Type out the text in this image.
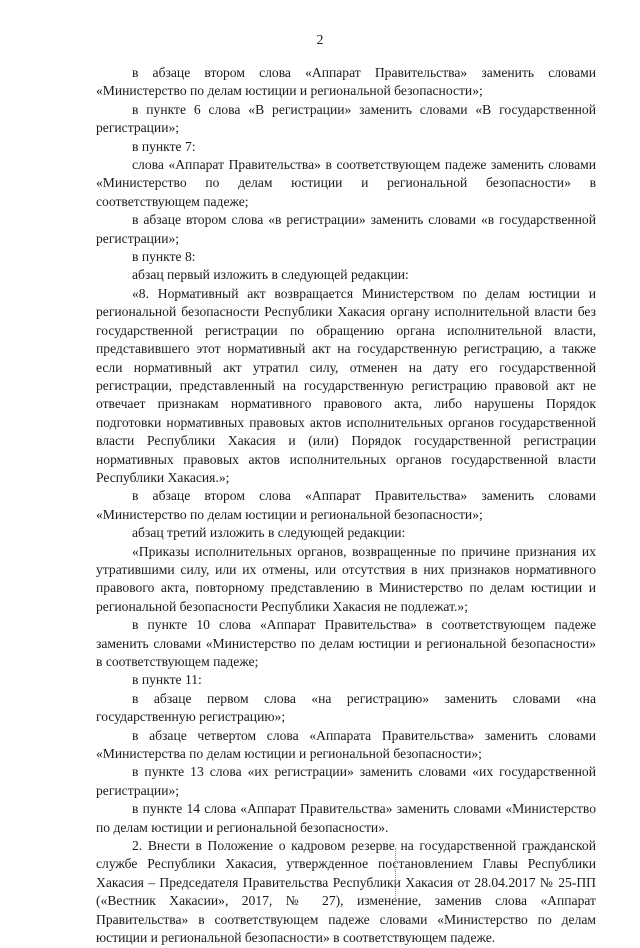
2

в абзаце втором слова «Аппарат Правительства» заменить словами «Министерство по делам юстиции и региональной безопасности»;

в пункте 6 слова «В регистрации» заменить словами «В государственной регистрации»;

в пункте 7:

слова «Аппарат Правительства» в соответствующем падеже заменить словами «Министерство по делам юстиции и региональной безопасности» в соответствующем падеже;

в абзаце втором слова «в регистрации» заменить словами «в государственной регистрации»;

в пункте 8:

абзац первый изложить в следующей редакции:

«8. Нормативный акт возвращается Министерством по делам юстиции и региональной безопасности Республики Хакасия органу исполнительной власти без государственной регистрации по обращению органа исполнительной власти, представившего этот нормативный акт на государственную регистрацию, а также если нормативный акт утратил силу, отменен на дату его государственной регистрации, представленный на государственную регистрацию правовой акт не отвечает признакам нормативного правового акта, либо нарушены Порядок подготовки нормативных правовых актов исполнительных органов государственной власти Республики Хакасия и (или) Порядок государственной регистрации нормативных правовых актов исполнительных органов государственной власти Республики Хакасия.»;

в абзаце втором слова «Аппарат Правительства» заменить словами «Министерство по делам юстиции и региональной безопасности»;

абзац третий изложить в следующей редакции:

«Приказы исполнительных органов, возвращенные по причине признания их утратившими силу, или их отмены, или отсутствия в них признаков нормативного правового акта, повторному представлению в Министерство по делам юстиции и региональной безопасности Республики Хакасия не подлежат.»;

в пункте 10 слова «Аппарат Правительства» в соответствующем падеже заменить словами «Министерство по делам юстиции и региональной безопасности» в соответствующем падеже;

в пункте 11:

в абзаце первом слова «на регистрацию» заменить словами «на государственную регистрацию»;

в абзаце четвертом слова «Аппарата Правительства» заменить словами «Министерства по делам юстиции и региональной безопасности»;

в пункте 13 слова «их регистрации» заменить словами «их государственной регистрации»;

в пункте 14 слова «Аппарат Правительства» заменить словами «Министерство по делам юстиции и региональной безопасности».

2. Внести в Положение о кадровом резерве на государственной гражданской службе Республики Хакасия, утвержденное постановлением Главы Республики Хакасия – Председателя Правительства Республики Хакасия от 28.04.2017 № 25-ПП («Вестник Хакасии», 2017, № 27), изменение, заменив слова «Аппарат Правительства» в соответствующем падеже словами «Министерство по делам юстиции и региональной безопасности» в соответствующем падеже.
